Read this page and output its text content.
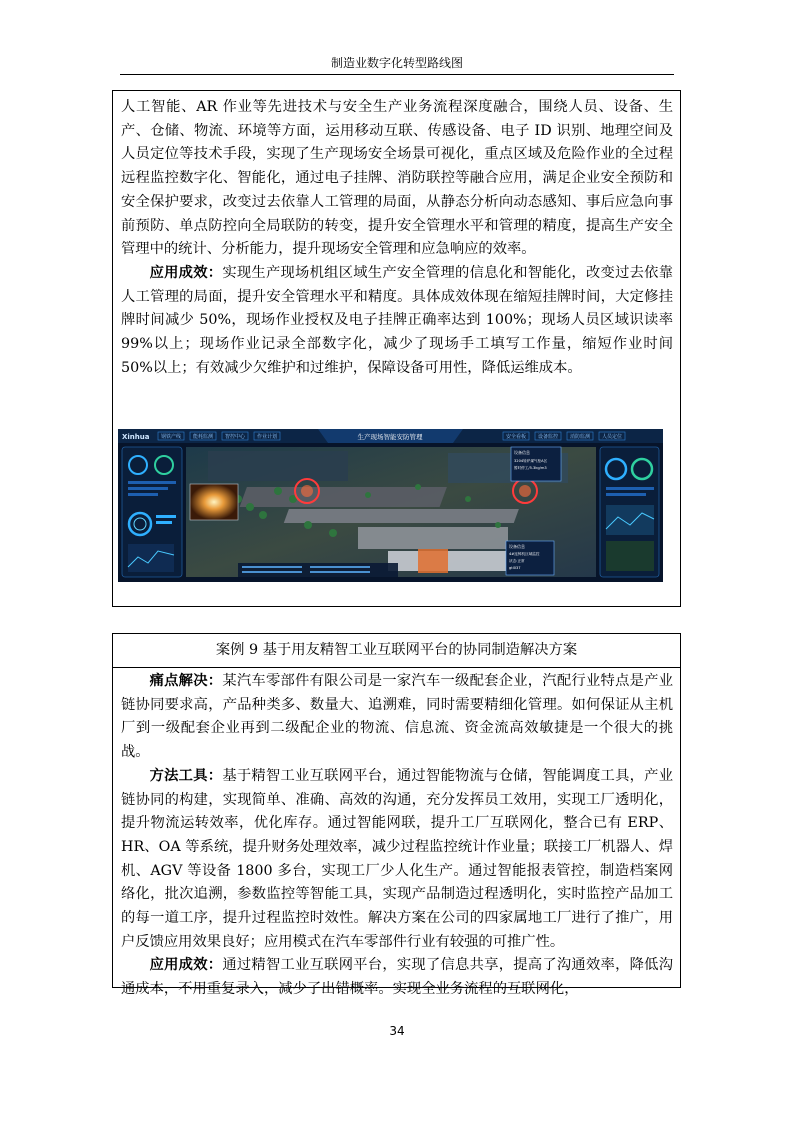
制造业数字化转型路线图

人工智能、AR 作业等先进技术与安全生产业务流程深度融合，围绕人员、设备、生产、仓储、物流、环境等方面，运用移动互联、传感设备、电子 ID 识别、地理空间及人员定位等技术手段，实现了生产现场安全场景可视化，重点区域及危险作业的全过程远程监控数字化、智能化，通过电子挂牌、消防联控等融合应用，满足企业安全预防和安全保护要求，改变过去依靠人工管理的局面，从静态分析向动态感知、事后应急向事前预防、单点防控向全局联防的转变，提升安全管理水平和管理的精度，提高生产安全管理中的统计、分析能力，提升现场安全管理和应急响应的效率。

应用成效：实现生产现场机组区域生产安全管理的信息化和智能化，改变过去依靠人工管理的局面，提升安全管理水平和精度。具体成效体现在缩短挂牌时间，大定修挂牌时间减少 50%，现场作业授权及电子挂牌正确率达到 100%；现场人员区域识读率 99%以上；现场作业记录全部数字化，减少了现场手工填写工作量，缩短作业时间 50%以上；有效减少欠维护和过维护，保障设备可用性，降低运维成本。

Xinhua 钢铁产线 能耗监测 智控中心 作业计划	生产现场智能安防管理	安全看板 设备监控 消防监测 人员定位
设备信息
3204转炉煤气柜A区
暂时停工/5.3kg/m3
设备信息
4#连铸机区域监控
状态:正常
gtl037
案例 9 基于用友精智工业互联网平台的协同制造解决方案

痛点解决：某汽车零部件有限公司是一家汽车一级配套企业，汽配行业特点是产业链协同要求高，产品种类多、数量大、追溯难，同时需要精细化管理。如何保证从主机厂到一级配套企业再到二级配企业的物流、信息流、资金流高效敏捷是一个很大的挑战。

方法工具：基于精智工业互联网平台，通过智能物流与仓储，智能调度工具，产业链协同的构建，实现简单、准确、高效的沟通，充分发挥员工效用，实现工厂透明化，提升物流运转效率，优化库存。通过智能网联，提升工厂互联网化，整合已有 ERP、HR、OA 等系统，提升财务处理效率，减少过程监控统计作业量；联接工厂机器人、焊机、AGV 等设备 1800 多台，实现工厂少人化生产。通过智能报表管控，制造档案网络化，批次追溯，参数监控等智能工具，实现产品制造过程透明化，实时监控产品加工的每一道工序，提升过程监控时效性。解决方案在公司的四家属地工厂进行了推广，用户反馈应用效果良好；应用模式在汽车零部件行业有较强的可推广性。

应用成效：通过精智工业互联网平台，实现了信息共享，提高了沟通效率，降低沟通成本，不用重复录入，减少了出错概率。实现全业务流程的互联网化，

34
